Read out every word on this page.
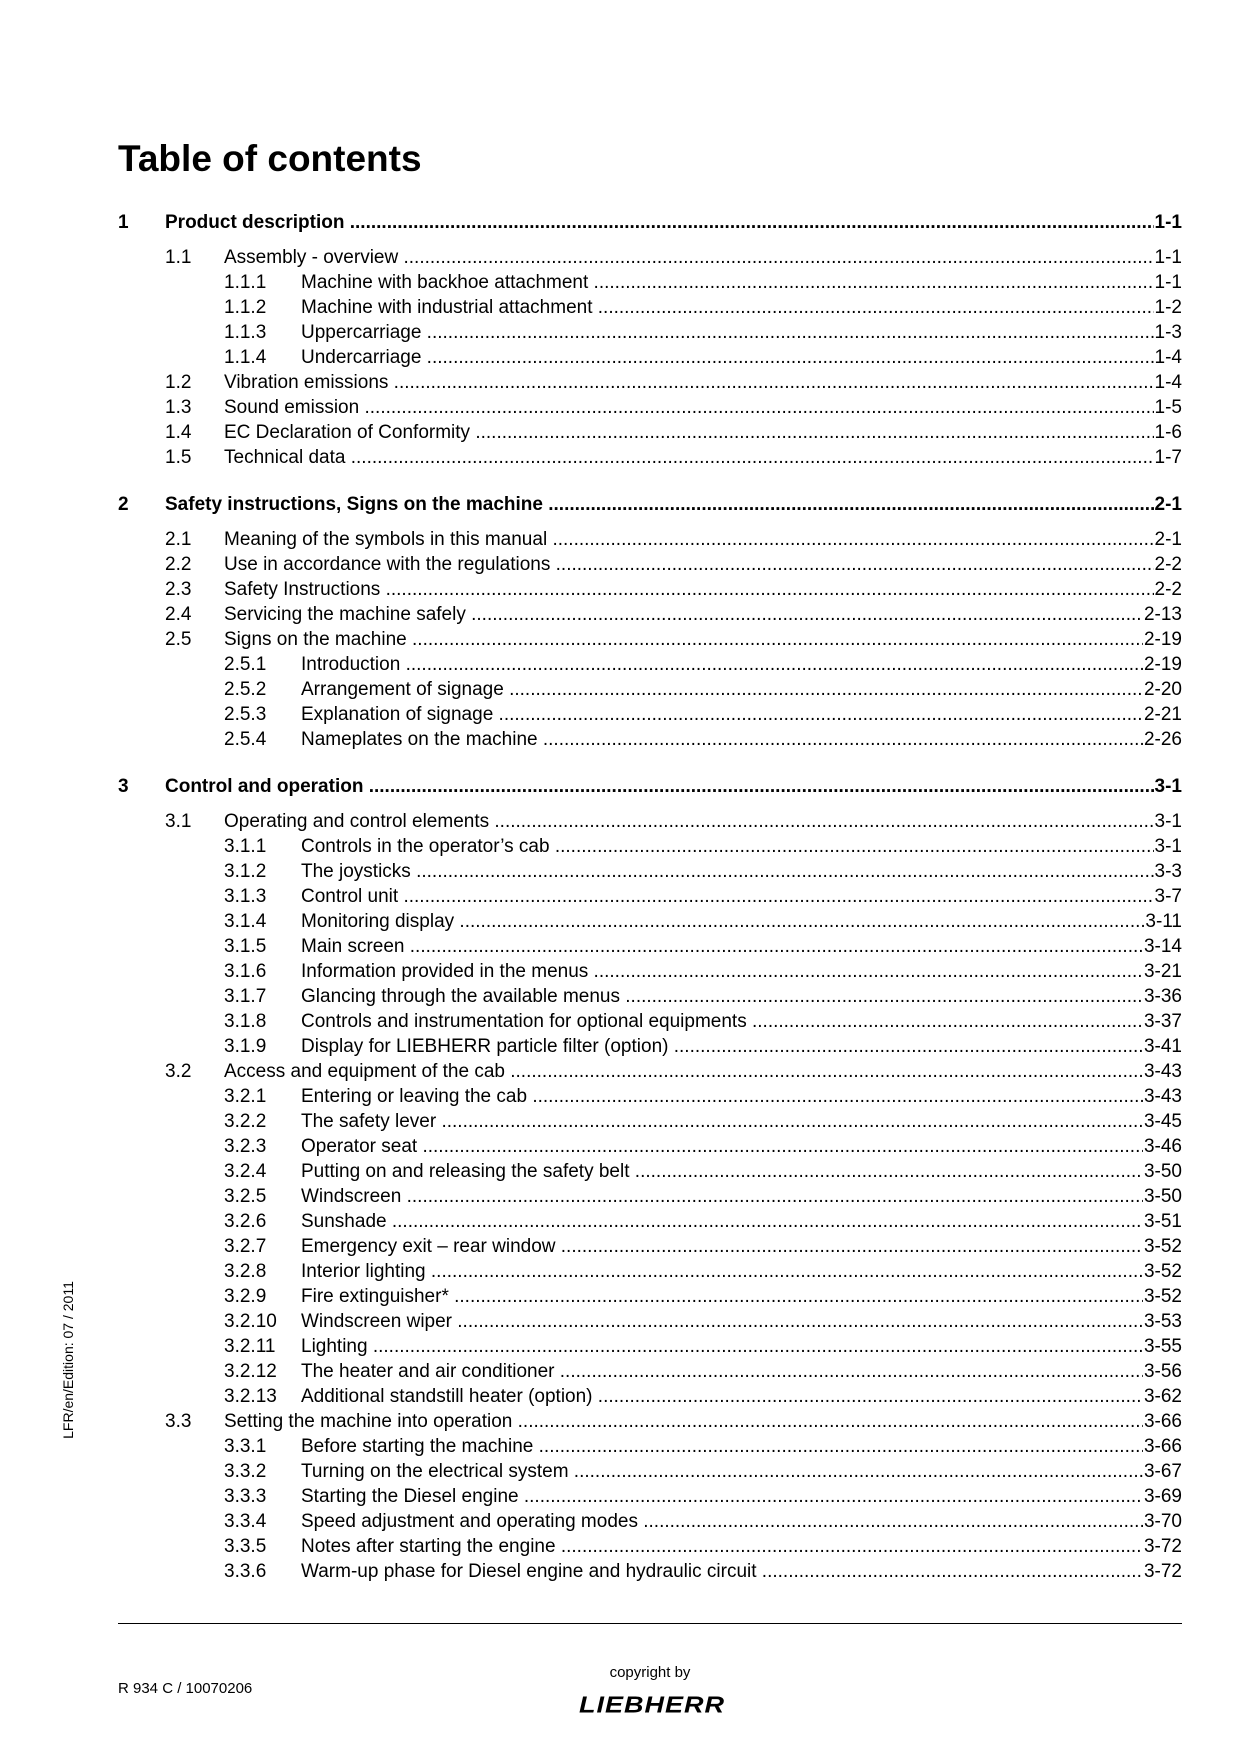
Table of contents
1 Product description .....	1-1
1.1 Assembly - overview .....	1-1
1.1.1 Machine with backhoe attachment .....	1-1
1.1.2 Machine with industrial attachment .....	1-2
1.1.3 Uppercarriage .....	1-3
1.1.4 Undercarriage .....	1-4
1.2 Vibration emissions .....	1-4
1.3 Sound emission .....	1-5
1.4 EC Declaration of Conformity .....	1-6
1.5 Technical data .....	1-7
2 Safety instructions, Signs on the machine .....	2-1
2.1 Meaning of the symbols in this manual .....	2-1
2.2 Use in accordance with the regulations .....	2-2
2.3 Safety Instructions .....	2-2
2.4 Servicing the machine safely .....	2-13
2.5 Signs on the machine .....	2-19
2.5.1 Introduction .....	2-19
2.5.2 Arrangement of signage .....	2-20
2.5.3 Explanation of signage .....	2-21
2.5.4 Nameplates on the machine .....	2-26
3 Control and operation .....	3-1
3.1 Operating and control elements .....	3-1
3.1.1 Controls in the operator’s cab .....	3-1
3.1.2 The joysticks .....	3-3
3.1.3 Control unit .....	3-7
3.1.4 Monitoring display .....	3-11
3.1.5 Main screen .....	3-14
3.1.6 Information provided in the menus .....	3-21
3.1.7 Glancing through the available menus .....	3-36
3.1.8 Controls and instrumentation for optional equipments .....	3-37
3.1.9 Display for LIEBHERR particle filter (option) .....	3-41
3.2 Access and equipment of the cab .....	3-43
3.2.1 Entering or leaving the cab .....	3-43
3.2.2 The safety lever .....	3-45
3.2.3 Operator seat .....	3-46
3.2.4 Putting on and releasing the safety belt .....	3-50
3.2.5 Windscreen .....	3-50
3.2.6 Sunshade .....	3-51
3.2.7 Emergency exit – rear window .....	3-52
3.2.8 Interior lighting .....	3-52
3.2.9 Fire extinguisher* .....	3-52
3.2.10 Windscreen wiper .....	3-53
3.2.11 Lighting .....	3-55
3.2.12 The heater and air conditioner .....	3-56
3.2.13 Additional standstill heater (option) .....	3-62
3.3 Setting the machine into operation .....	3-66
3.3.1 Before starting the machine .....	3-66
3.3.2 Turning on the electrical system .....	3-67
3.3.3 Starting the Diesel engine .....	3-69
3.3.4 Speed adjustment and operating modes .....	3-70
3.3.5 Notes after starting the engine .....	3-72
3.3.6 Warm-up phase for Diesel engine and hydraulic circuit .....	3-72
LFR/en/Edition: 07 / 2011
R 934 C / 10070206
copyright by
LIEBHERR
